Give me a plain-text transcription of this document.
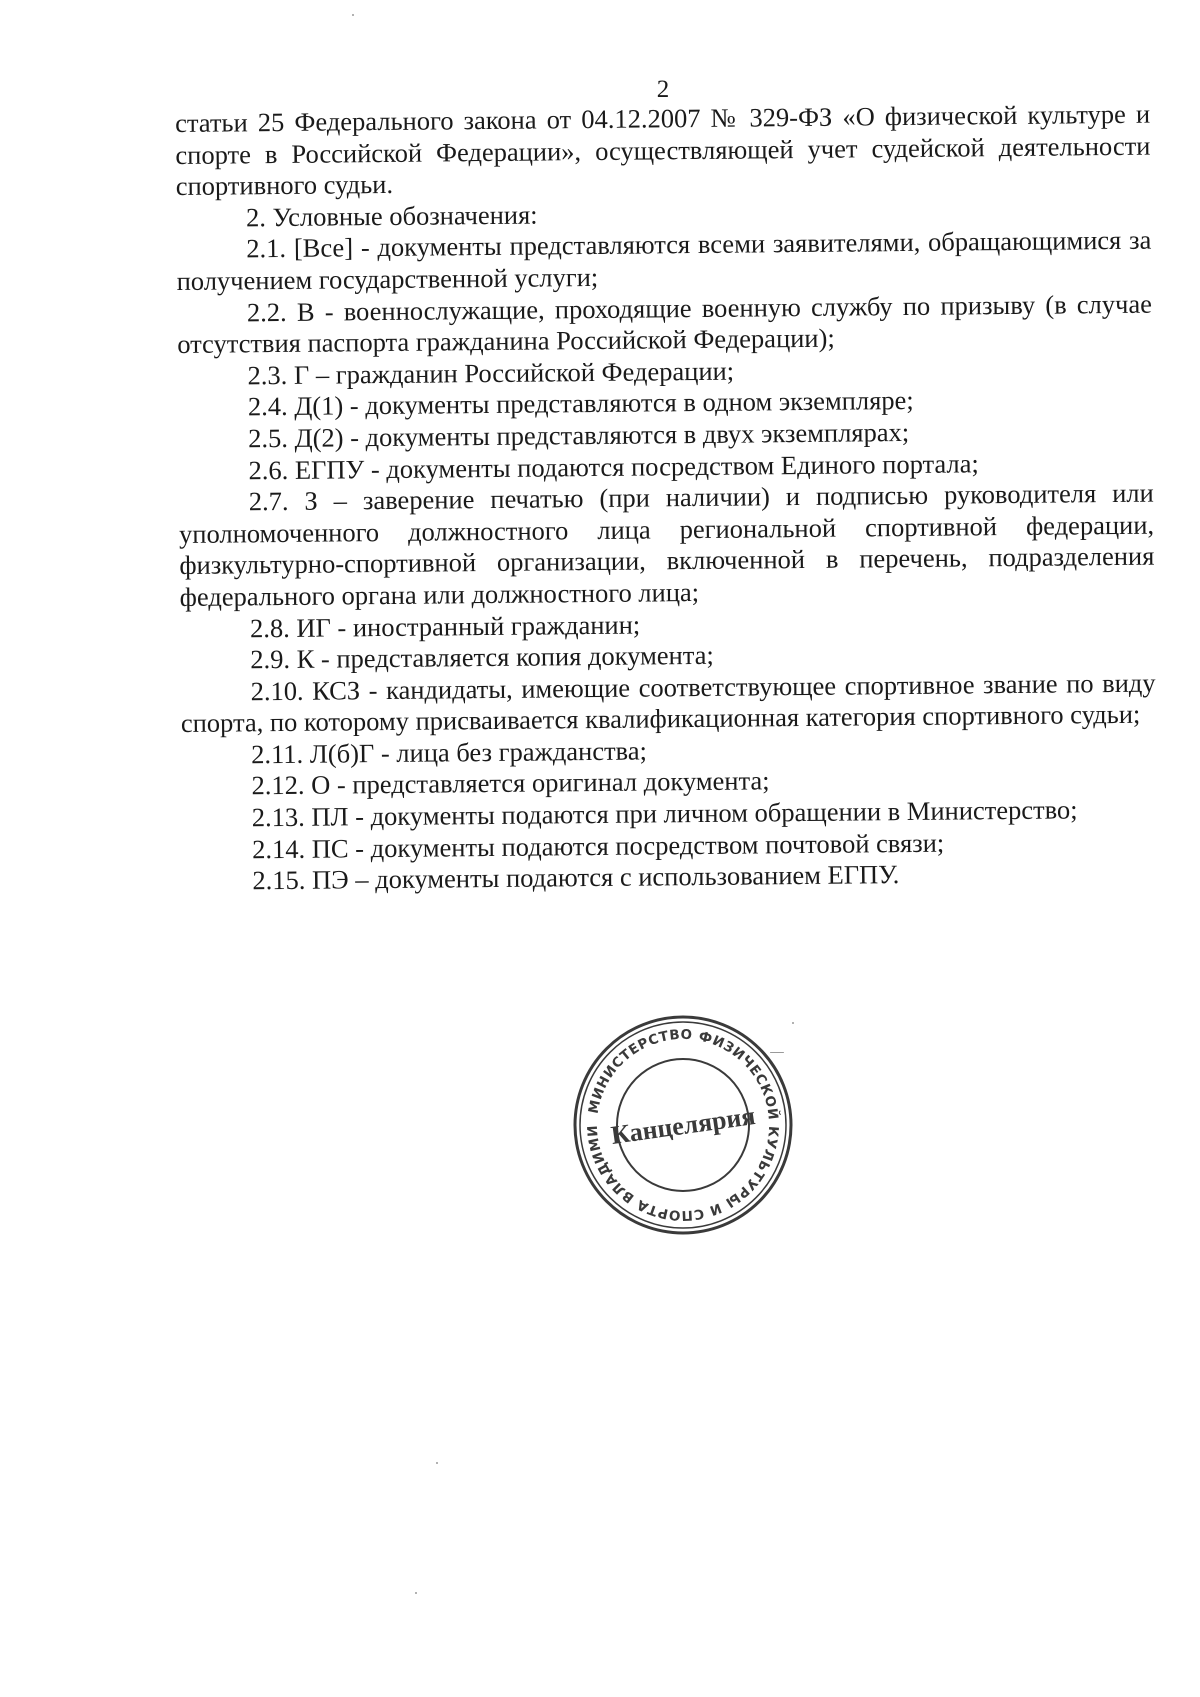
2

статьи 25 Федерального закона от 04.12.2007 № 329-ФЗ «О физической культуре и спорте в Российской Федерации», осуществляющей учет судейской деятельности спортивного судьи.

2. Условные обозначения:

2.1. [Все] - документы представляются всеми заявителями, обращающимися за получением государственной услуги;

2.2. В - военнослужащие, проходящие военную службу по призыву (в случае отсутствия паспорта гражданина Российской Федерации);

2.3. Г – гражданин Российской Федерации;

2.4. Д(1) - документы представляются в одном экземпляре;

2.5. Д(2) - документы представляются в двух экземплярах;

2.6. ЕГПУ - документы подаются посредством Единого портала;

2.7. З – заверение печатью (при наличии) и подписью руководителя или уполномоченного должностного лица региональной спортивной федерации, физкультурно-спортивной организации, включенной в перечень, подразделения федерального органа или должностного лица;

2.8. ИГ - иностранный гражданин;

2.9. К - представляется копия документа;

2.10. КСЗ - кандидаты, имеющие соответствующее спортивное звание по виду спорта, по которому присваивается квалификационная категория спортивного судьи;

2.11. Л(б)Г - лица без гражданства;

2.12. О - представляется оригинал документа;

2.13. ПЛ - документы подаются при личном обращении в Министерство;

2.14. ПС - документы подаются посредством почтовой связи;

2.15. ПЭ – документы подаются с использованием ЕГПУ.

МИНИСТЕРСТВО ФИЗИЧЕСКОЙ КУЛЬТУРЫ И СПОРТА ВЛАДИМИ Канцелярия
